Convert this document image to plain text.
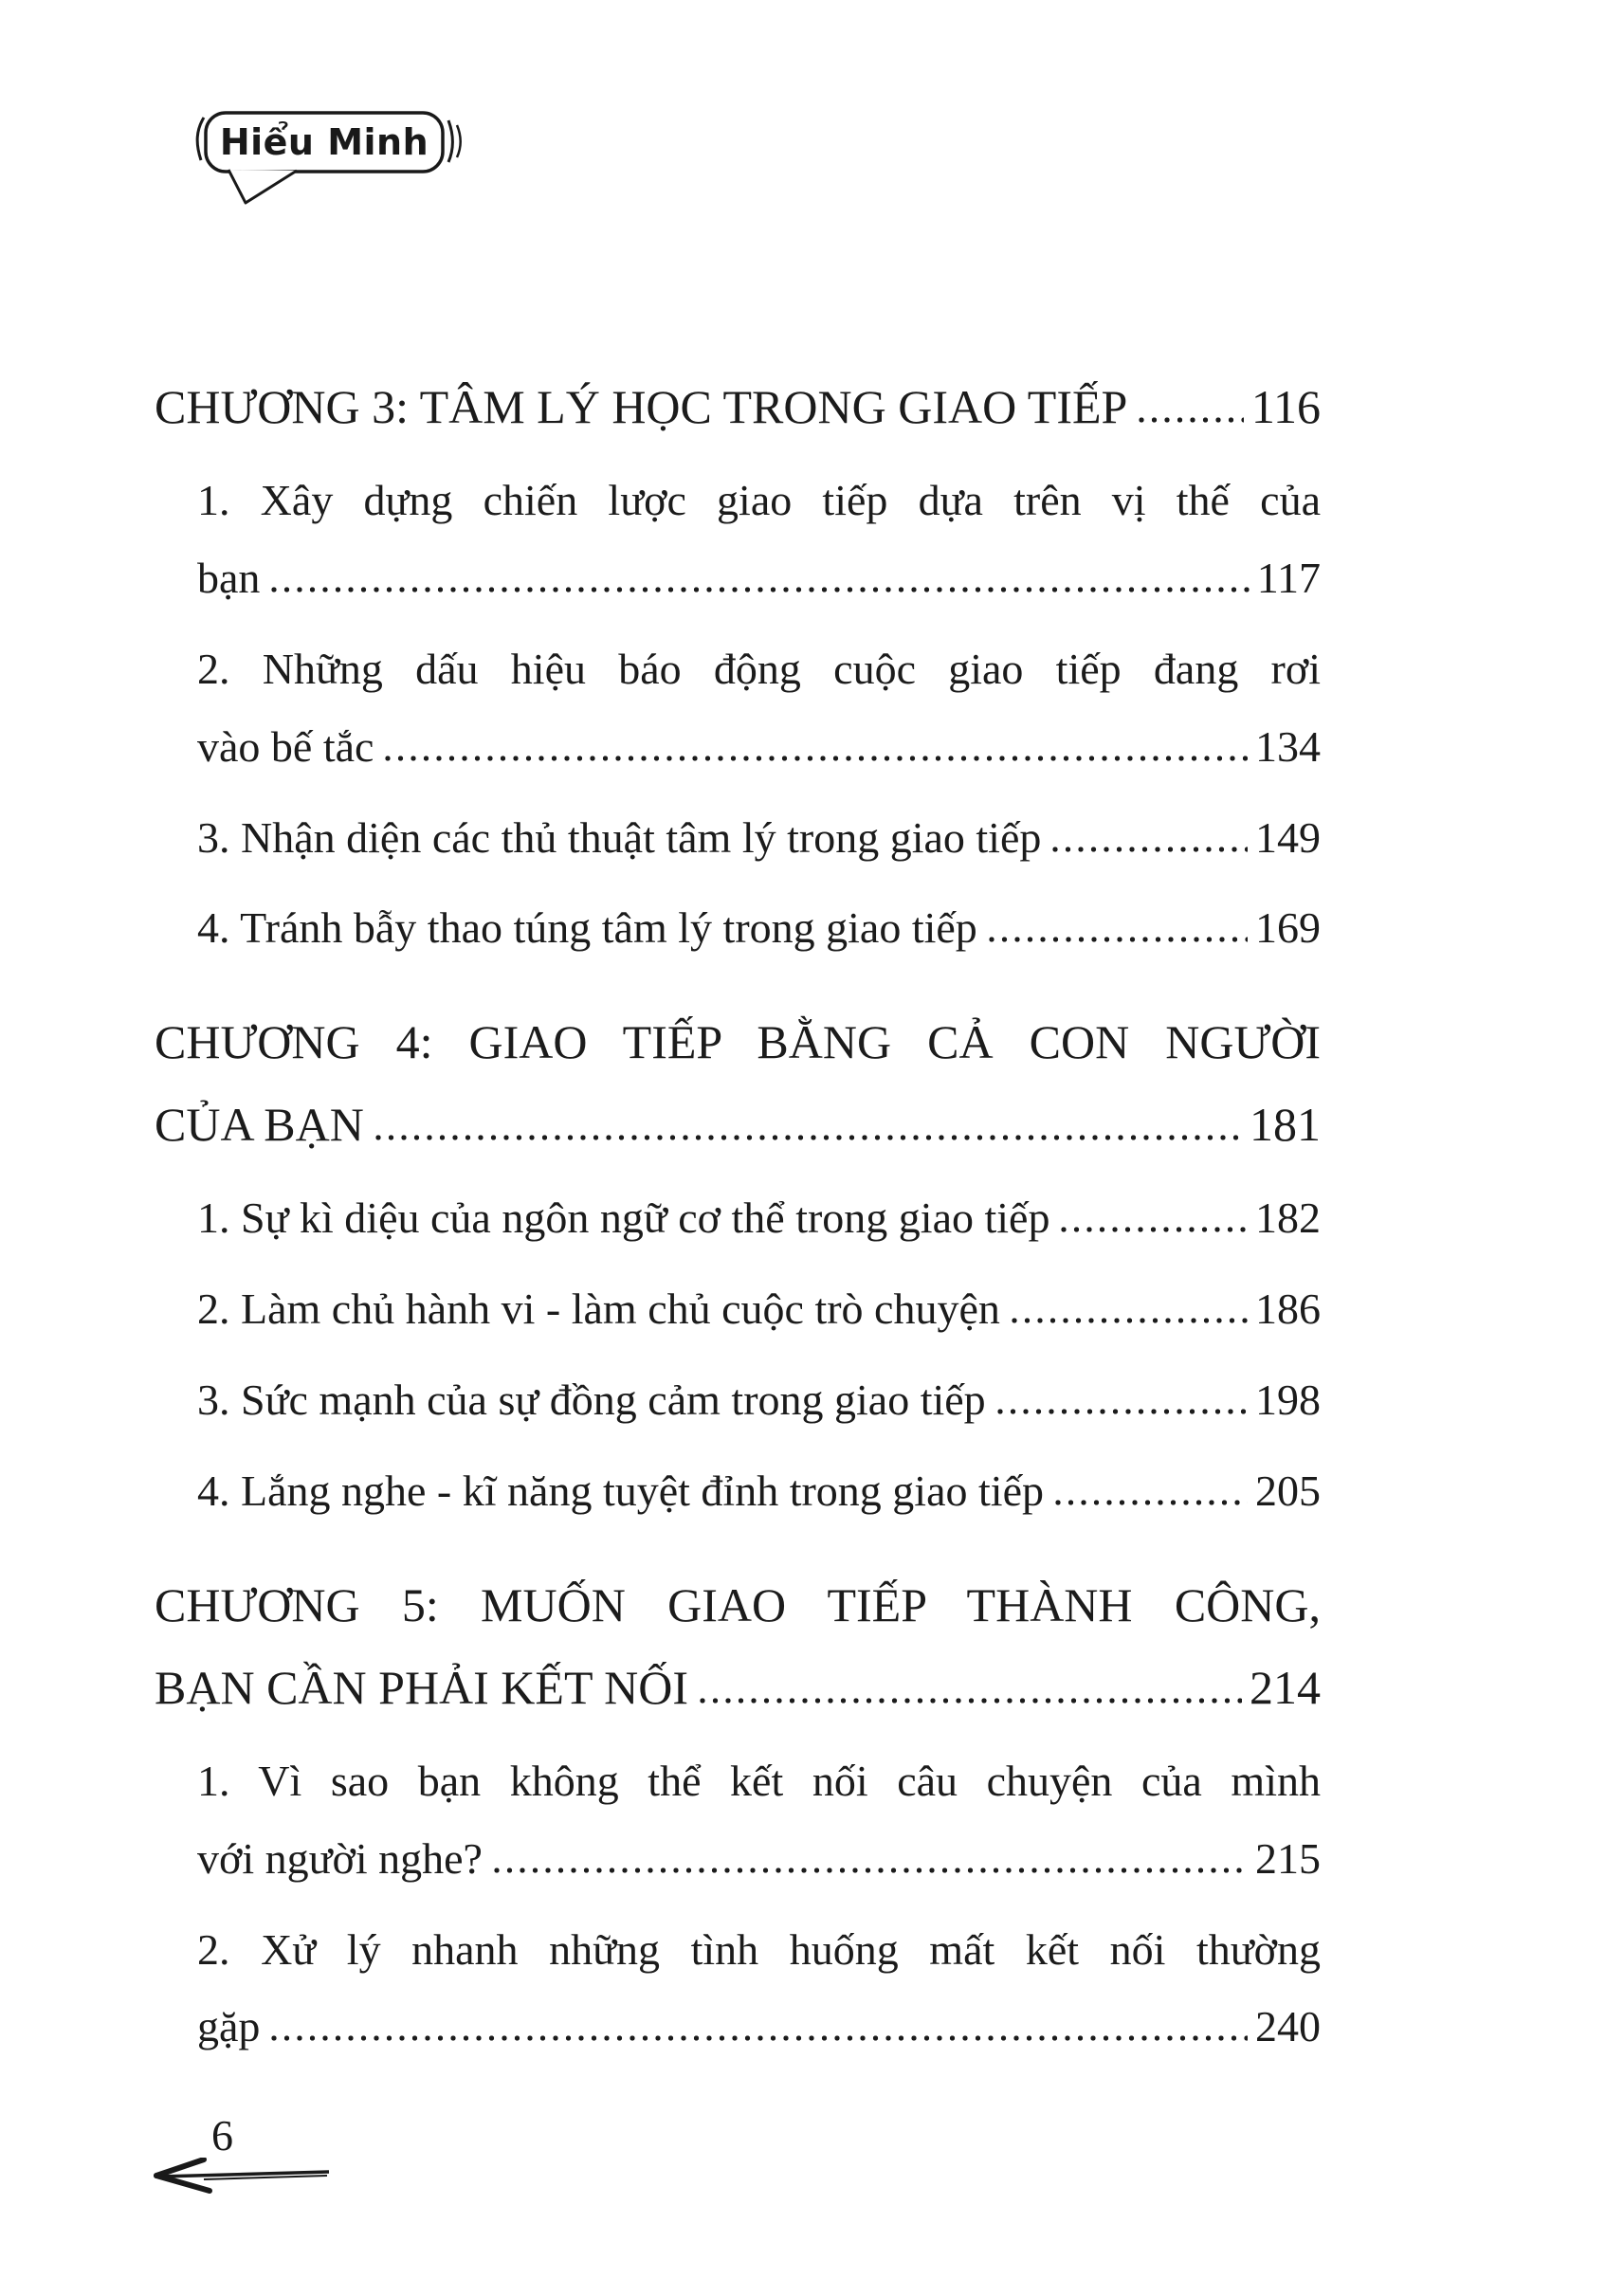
Hiểu Minh
CHƯƠNG 3: TÂM LÝ HỌC TRONG GIAO TIẾP	116
1. Xây dựng chiến lược giao tiếp dựa trên vị thế của
bạn	117
2. Những dấu hiệu báo động cuộc giao tiếp đang rơi
vào bế tắc	134
3. Nhận diện các thủ thuật tâm lý trong giao tiếp	149
4. Tránh bẫy thao túng tâm lý trong giao tiếp	169
CHƯƠNG 4: GIAO TIẾP BẰNG CẢ CON NGƯỜI
CỦA BẠN	181
1. Sự kì diệu của ngôn ngữ cơ thể trong giao tiếp	182
2. Làm chủ hành vi - làm chủ cuộc trò chuyện	186
3. Sức mạnh của sự đồng cảm trong giao tiếp	198
4. Lắng nghe - kĩ năng tuyệt đỉnh trong giao tiếp	205
CHƯƠNG 5: MUỐN GIAO TIẾP THÀNH CÔNG,
BẠN CẦN PHẢI KẾT NỐI	214
1. Vì sao bạn không thể kết nối câu chuyện của mình
với người nghe?	215
2. Xử lý nhanh những tình huống mất kết nối thường
gặp	240
6
